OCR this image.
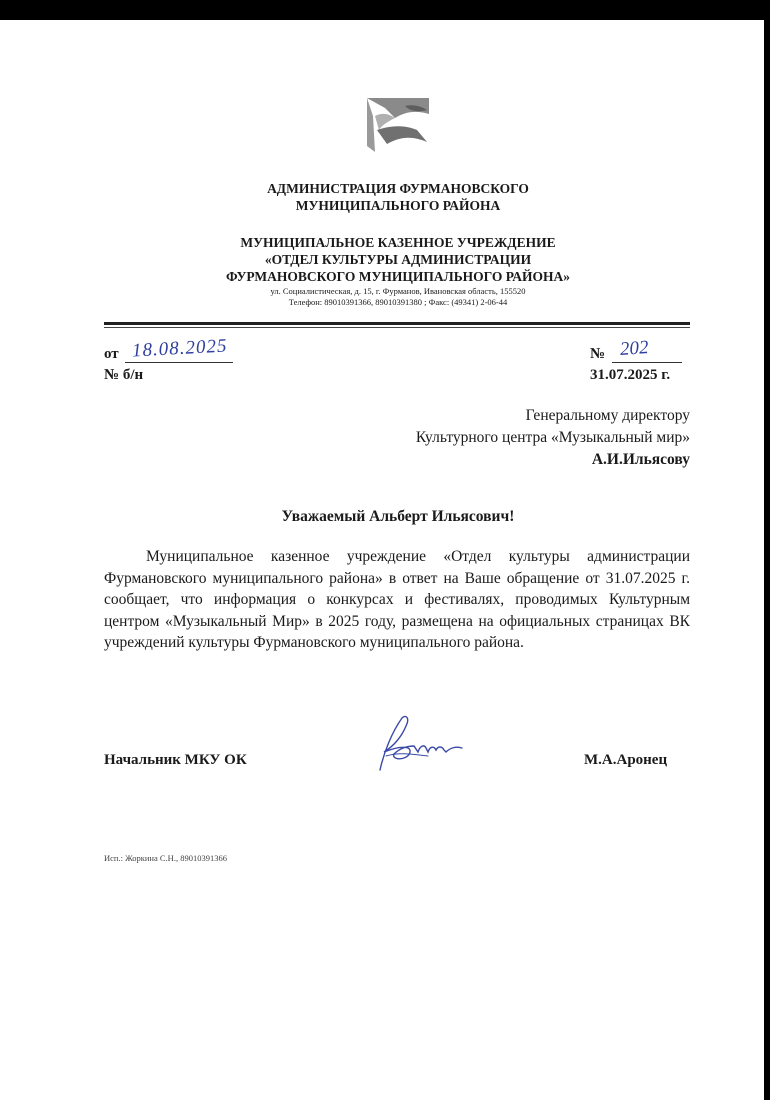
АДМИНИСТРАЦИЯ ФУРМАНОВСКОГО
МУНИЦИПАЛЬНОГО РАЙОНА
МУНИЦИПАЛЬНОЕ КАЗЕННОЕ УЧРЕЖДЕНИЕ
«ОТДЕЛ КУЛЬТУРЫ АДМИНИСТРАЦИИ
ФУРМАНОВСКОГО МУНИЦИПАЛЬНОГО РАЙОНА»
ул. Социалистическая, д. 15, г. Фурманов, Ивановская область, 155520
Телефон: 89010391366, 89010391380 ; Факс: (49341) 2-06-44
от 18.08.2025
№ б/н
№ 202
31.07.2025 г.
Генеральному директору
Культурного центра «Музыкальный мир»
А.И.Ильясову
Уважаемый Альберт Ильясович!
Муниципальное казенное учреждение «Отдел культуры администрации Фурмановского муниципального района» в ответ на Ваше обращение от 31.07.2025 г. сообщает, что информация о конкурсах и фестивалях, проводимых Культурным центром «Музыкальный Мир» в 2025 году, размещена на официальных страницах ВК учреждений культуры Фурмановского муниципального района.
Начальник МКУ ОК	М.А.Аронец
Исп.: Жоркина С.Н., 89010391366
